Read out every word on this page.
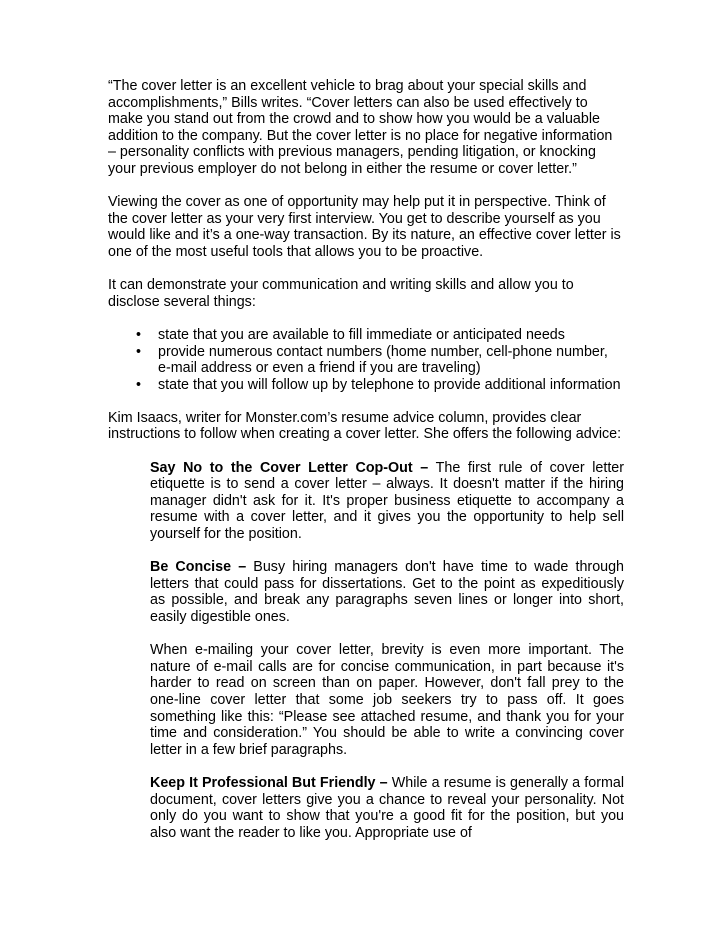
“The cover letter is an excellent vehicle to brag about your special skills and accomplishments,” Bills writes. “Cover letters can also be used effectively to make you stand out from the crowd and to show how you would be a valuable addition to the company. But the cover letter is no place for negative information – personality conflicts with previous managers, pending litigation, or knocking your previous employer do not belong in either the resume or cover letter.”

Viewing the cover as one of opportunity may help put it in perspective. Think of the cover letter as your very first interview. You get to describe yourself as you would like and it’s a one-way transaction. By its nature, an effective cover letter is one of the most useful tools that allows you to be proactive.

It can demonstrate your communication and writing skills and allow you to disclose several things:

• state that you are available to fill immediate or anticipated needs
• provide numerous contact numbers (home number, cell-phone number, e-mail address or even a friend if you are traveling)
• state that you will follow up by telephone to provide additional information

Kim Isaacs, writer for Monster.com’s resume advice column, provides clear instructions to follow when creating a cover letter. She offers the following advice:

Say No to the Cover Letter Cop-Out – The first rule of cover letter etiquette is to send a cover letter – always. It doesn't matter if the hiring manager didn't ask for it. It's proper business etiquette to accompany a resume with a cover letter, and it gives you the opportunity to help sell yourself for the position.

Be Concise – Busy hiring managers don't have time to wade through letters that could pass for dissertations. Get to the point as expeditiously as possible, and break any paragraphs seven lines or longer into short, easily digestible ones.

When e-mailing your cover letter, brevity is even more important. The nature of e-mail calls are for concise communication, in part because it's harder to read on screen than on paper. However, don't fall prey to the one-line cover letter that some job seekers try to pass off. It goes something like this: “Please see attached resume, and thank you for your time and consideration.” You should be able to write a convincing cover letter in a few brief paragraphs.

Keep It Professional But Friendly – While a resume is generally a formal document, cover letters give you a chance to reveal your personality. Not only do you want to show that you're a good fit for the position, but you also want the reader to like you. Appropriate use of
